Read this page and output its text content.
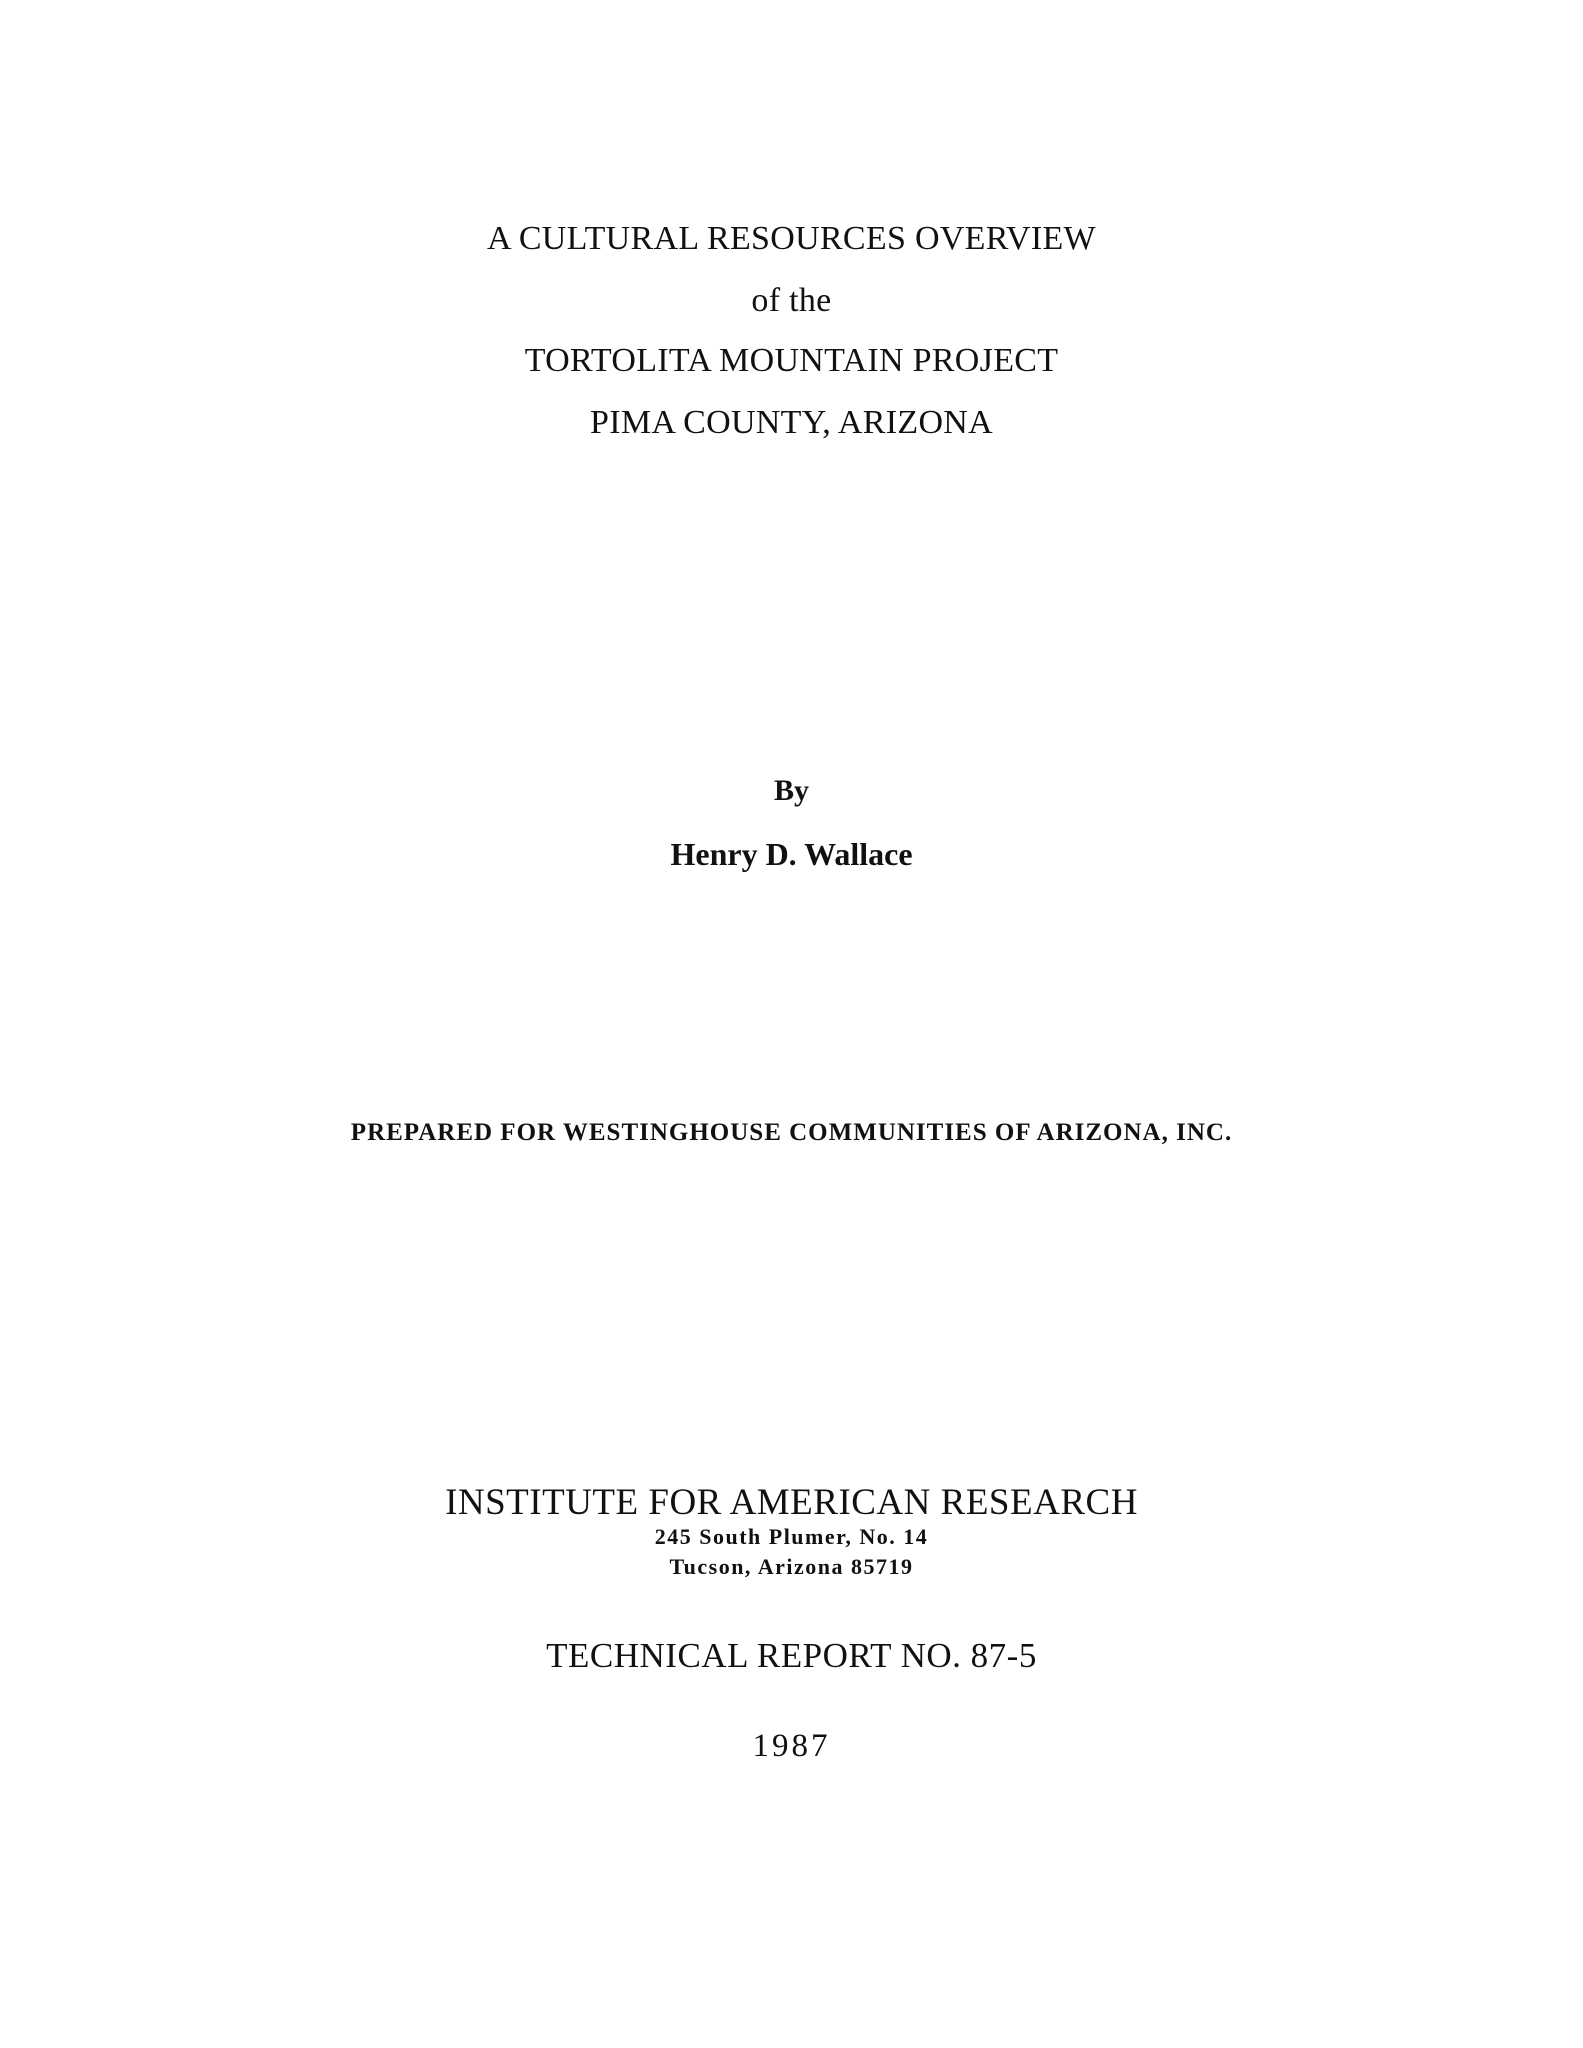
A CULTURAL RESOURCES OVERVIEW
of the
TORTOLITA MOUNTAIN PROJECT
PIMA COUNTY, ARIZONA
By
Henry D. Wallace
PREPARED FOR WESTINGHOUSE COMMUNITIES OF ARIZONA, INC.
INSTITUTE FOR AMERICAN RESEARCH
245 South Plumer, No. 14
Tucson, Arizona 85719
TECHNICAL REPORT NO. 87-5
1987
